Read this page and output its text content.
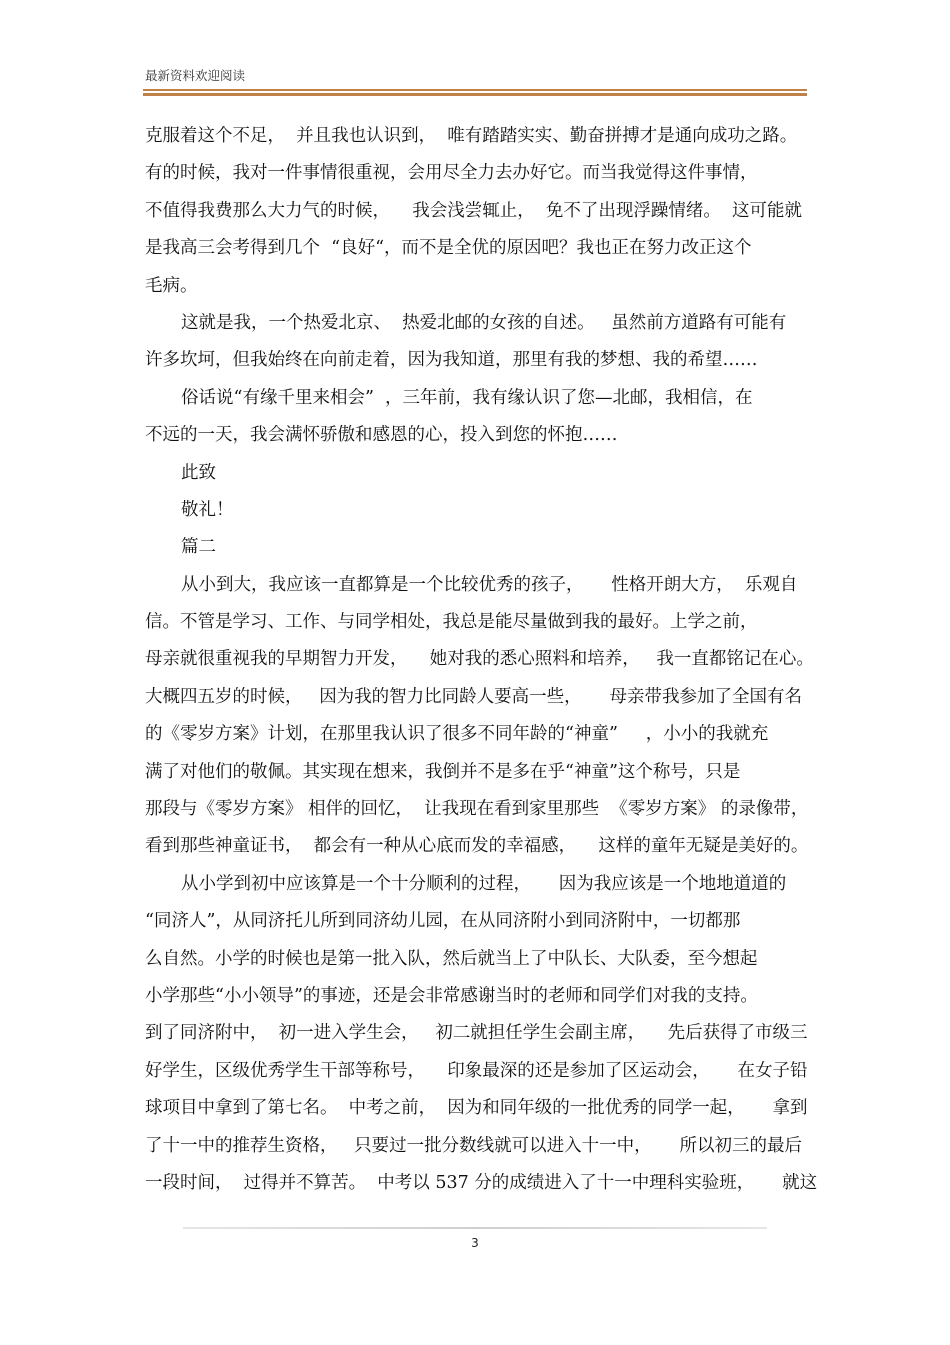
最新资料欢迎阅读
克服着这个不足，  并且我也认识到，  唯有踏踏实实、勤奋拼搏才是通向成功之路。
有的时候，我对一件事情很重视，会用尽全力去办好它。而当我觉得这件事情，
不值得我费那么大力气的时候，    我会浅尝辄止，  免不了出现浮躁情绪。  这可能就
是我高三会考得到几个  “良好“，而不是全优的原因吧？我也正在努力改正这个
毛病。
这就是我，一个热爱北京、  热爱北邮的女孩的自述。   虽然前方道路有可能有
许多坎坷，但我始终在向前走着，因为我知道，那里有我的梦想、我的希望……
俗话说“有缘千里来相会”  ，三年前，我有缘认识了您—北邮，我相信，在
不远的一天，我会满怀骄傲和感恩的心，投入到您的怀抱……
此致
敬礼！
篇二
从小到大，我应该一直都算是一个比较优秀的孩子，     性格开朗大方，  乐观自
信。不管是学习、工作、与同学相处，我总是能尽量做到我的最好。上学之前，
母亲就很重视我的早期智力开发，    她对我的悉心照料和培养，   我一直都铭记在心。
大概四五岁的时候，   因为我的智力比同龄人要高一些，     母亲带我参加了全国有名
的《零岁方案》计划，在那里我认识了很多不同年龄的“神童”     ，小小的我就充
满了对他们的敬佩。其实现在想来，我倒并不是多在乎“神童”这个称号，只是
那段与《零岁方案》 相伴的回忆，  让我现在看到家里那些  《零岁方案》 的录像带，
看到那些神童证书，  都会有一种从心底而发的幸福感，    这样的童年无疑是美好的。
从小学到初中应该算是一个十分顺利的过程，     因为我应该是一个地地道道的
“同济人”，从同济托儿所到同济幼儿园，在从同济附小到同济附中，一切都那
么自然。小学的时候也是第一批入队，然后就当上了中队长、大队委，至今想起
小学那些“小小领导”的事迹，还是会非常感谢当时的老师和同学们对我的支持。
到了同济附中，  初一进入学生会，   初二就担任学生会副主席，    先后获得了市级三
好学生，区级优秀学生干部等称号，    印象最深的还是参加了区运动会，     在女子铅
球项目中拿到了第七名。  中考之前，  因为和同年级的一批优秀的同学一起，     拿到
了十一中的推荐生资格，   只要过一批分数线就可以进入十一中，     所以初三的最后
一段时间，  过得并不算苦。  中考以 537 分的成绩进入了十一中理科实验班，     就这
3
